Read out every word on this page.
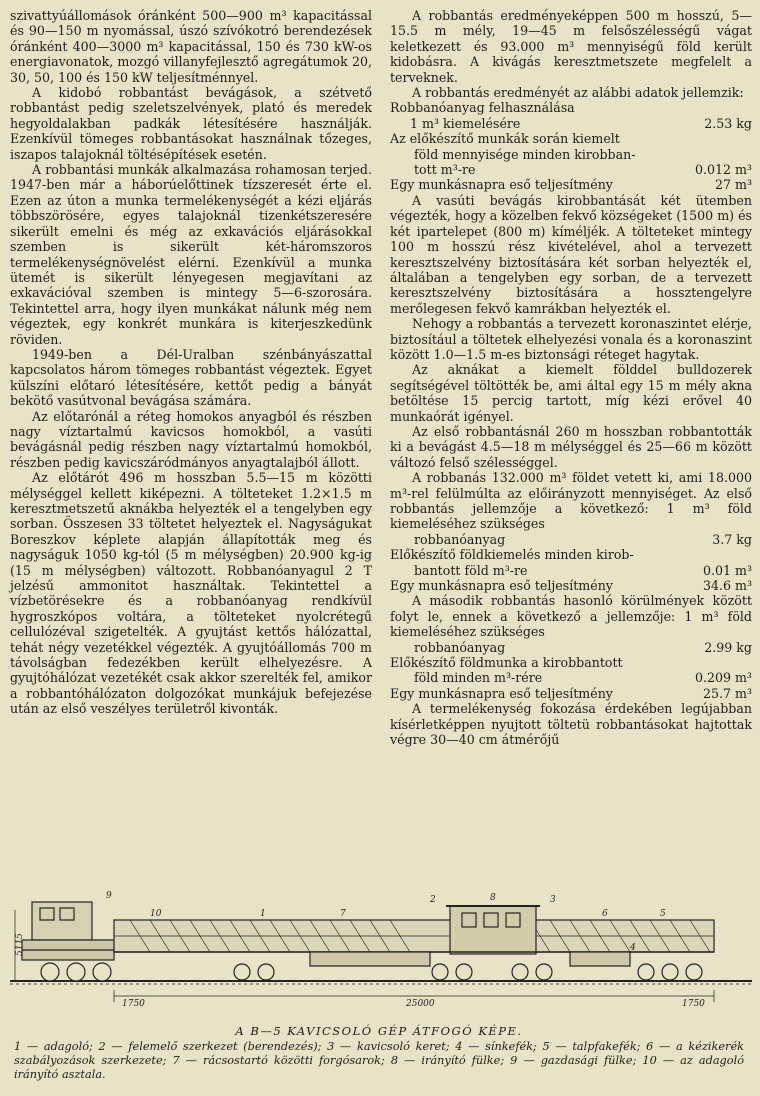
szivattyúállomások óránként 500—900 m³ kapacitással és 90—150 m nyomással, úszó szívókotró berendezések óránként 400—3000 m³ kapacitással, 150 és 730 kW-os energiavonatok, mozgó villanyfejlesztő agregátumok 20, 30, 50, 100 és 150 kW teljesítménnyel.

A kidobó robbantást bevágások, a szétvető robbantást pedig szeletszelvények, plató és meredek hegyoldalakban padkák létesítésére használják. Ezenkívül tömeges robbantásokat használnak tőzeges, iszapos talajoknál töltésépítések esetén.

A robbantási munkák alkalmazása rohamosan terjed. 1947-ben már a háborúelőttinek tízszeresét érte el. Ezen az úton a munka termelékenységét a kézi eljárás többszörösére, egyes talajoknál tizenkétszeresére sikerült emelni és még az exkavációs eljárásokkal szemben is sikerült két-háromszoros termelékenységnövelést elérni. Ezenkívül a munka ütemét is sikerült lényegesen megjavítani az exkavációval szemben is mintegy 5—6-szorosára. Tekintettel arra, hogy ilyen munkákat nálunk még nem végeztek, egy konkrét munkára is kiterjeszkedünk röviden.

1949-ben a Dél-Uralban szénbányászattal kapcsolatos három tömeges robbantást végeztek. Egyet külszíni előtaró létesítésére, kettőt pedig a bányát bekötő vasútvonal bevágása számára.

Az előtarónál a réteg homokos anyagból és részben nagy víztartalmú kavicsos homokból, a vasúti bevágásnál pedig részben nagy víztartalmú homokból, részben pedig kavicszáródmányos anyagtalajból állott.

Az előtárót 496 m hosszban 5.5—15 m közötti mélységgel kellett kiképezni. A tölteteket 1.2×1.5 m keresztmetszetű aknákba helyezték el a tengelyben egy sorban. Összesen 33 töltetet helyeztek el. Nagyságukat Boreszkov képlete alapján állapították meg és nagyságuk 1050 kg-tól (5 m mélységben) 20.900 kg-ig (15 m mélységben) változott. Robbanóanyagul 2 T jelzésű ammonitot használtak. Tekintettel a vízbetörésekre és a robbanóanyag rendkívül hygroszkópos voltára, a tölteteket nyolcrétegű cellulózéval szigetelték. A gyujtást kettős hálózattal, tehát négy vezetékkel végezték. A gyujtóállomás 700 m távolságban fedezékben került elhelyezésre. A gyujtóhálózat vezetékét csak akkor szerelték fel, amikor a robbantóhálózaton dolgozókat munkájuk befejezése után az első veszélyes területről kivonták.

A robbantás eredményeképpen 500 m hosszú, 5—15.5 m mély, 19—45 m felsőszélességű vágat keletkezett és 93.000 m³ mennyiségű föld került kidobásra. A kivágás keresztmetszete megfelelt a terveknek.

A robbantás eredményét az alábbi adatok jellemzik:

Robbanóanyag felhasználása

1 m³ kiemelésére	2.53 kg
Az előkészítő munkák során kiemelt
föld mennyisége minden kirobban-
tott m³-re	0.012 m³
Egy munkásnapra eső teljesítmény	27 m³

A vasúti bevágás kirobbantását két ütemben végezték, hogy a közelben fekvő községeket (1500 m) és két ipartelepet (800 m) kíméljék. A tölteteket mintegy 100 m hosszú rész kivételével, ahol a tervezett keresztszelvény biztosítására két sorban helyezték el, általában a tengelyben egy sorban, de a tervezett keresztszelvény biztosítására a hossztengelyre merőlegesen fekvő kamrákban helyezték el.

Nehogy a robbantás a tervezett koronaszintet elérje, biztosítául a töltetek elhelyezési vonala és a koronaszint között 1.0—1.5 m-es biztonsági réteget hagytak.

Az aknákat a kiemelt földdel bulldozerek segítségével töltötték be, ami által egy 15 m mély akna betöltése 15 percig tartott, míg kézi erővel 40 munkaórát igényel.

Az első robbantásnál 260 m hosszban robbantották ki a bevágást 4.5—18 m mélységgel és 25—66 m között változó felső szélességgel.

A robbanás 132.000 m³ földet vetett ki, ami 18.000 m³-rel felülmúlta az előirányzott mennyiséget. Az első robbantás jellemzője a következő: 1 m³ föld kiemeléséhez szükséges

robbanóanyag	3.7 kg
Előkészítő földkiemelés minden kirob-
bantott föld m³-re	0.01 m³
Egy munkásnapra eső teljesítmény	34.6 m³

A második robbantás hasonló körülmények között folyt le, ennek a következő a jellemzője: 1 m³ föld kiemeléséhez szükséges

robbanóanyag	2.99 kg
Előkészítő földmunka a kirobbantott
föld minden m³-rére	0.209 m³
Egy munkásnapra eső teljesítmény	25.7 m³

A termelékenység fokozása érdekében legújabban kísérletképpen nyujtott töltetü robbantásokat hajtottak végre 30—40 cm átmérőjű

9
10	1	7
2	8	3
6
4
5
25000
1750	1750
5115
A B—5 KAVICSOLÓ GÉP ÁTFOGÓ KÉPE.
1 — adagoló; 2 — felemelő szerkezet (berendezés); 3 — kavicsoló keret; 4 — sínkefék; 5 — talpfakefék; 6 — a kézikerék szabályozások szerkezete; 7 — rácsostartó közötti forgósarok; 8 — irányító fülke; 9 — gazdasági fülke; 10 — az adagoló irányító asztala.
